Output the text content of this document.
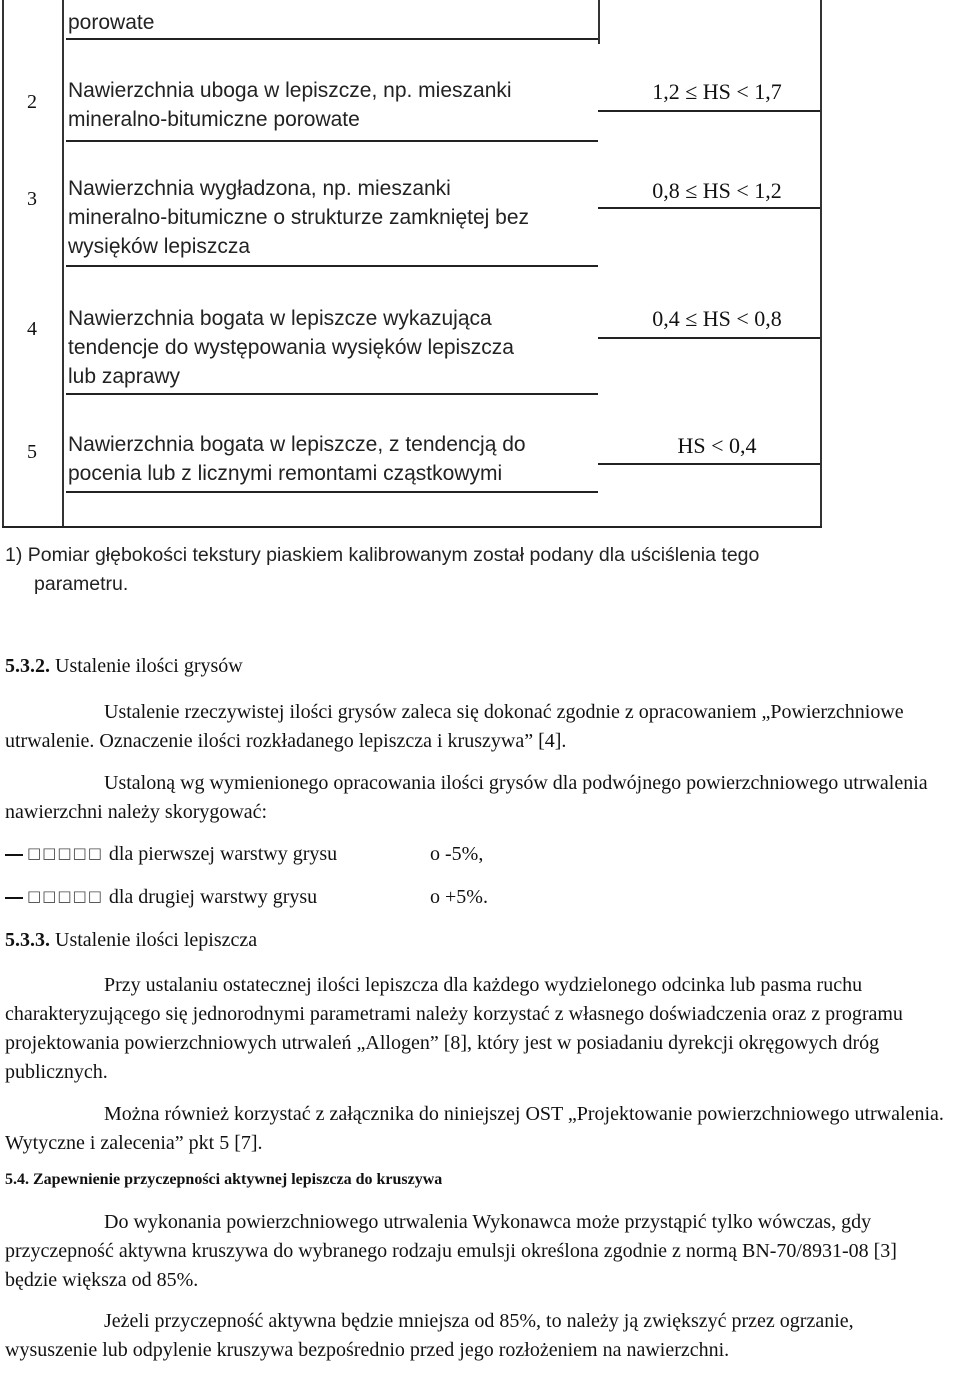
porowate
2 Nawierzchnia uboga w lepiszcze, np. mieszanki
mineralno-bitumiczne porowate
1,2 ≤ HS < 1,7
3 Nawierzchnia wygładzona, np. mieszanki
mineralno-bitumiczne o strukturze zamkniętej bez
wysięków lepiszcza
0,8 ≤ HS < 1,2
4 Nawierzchnia bogata w lepiszcze wykazująca
tendencje do występowania wysięków lepiszcza
lub zaprawy
0,4 ≤ HS < 0,8
5 Nawierzchnia bogata w lepiszcze, z tendencją do
pocenia lub z licznymi remontami cząstkowymi
HS < 0,4
1) Pomiar głębokości tekstury piaskiem kalibrowanym został podany dla uściślenia tego
parametru.
5.3.2. Ustalenie ilości grysów
Ustalenie rzeczywistej ilości grysów zaleca się dokonać zgodnie z opracowaniem „Powierzchniowe utrwalenie. Oznaczenie ilości rozkładanego lepiszcza i kruszywa” [4].
Ustaloną wg wymienionego opracowania ilości grysów dla podwójnego powierzchniowego utrwalenia nawierzchni należy skorygować:
□□□□□ dla pierwszej warstwy grysu	o -5%,
□□□□□ dla drugiej warstwy grysu	o +5%.
5.3.3. Ustalenie ilości lepiszcza
Przy ustalaniu ostatecznej ilości lepiszcza dla każdego wydzielonego odcinka lub pasma ruchu charakteryzującego się jednorodnymi parametrami należy korzystać z własnego doświadczenia oraz z programu projektowania powierzchniowych utrwaleń „Allogen” [8], który jest w posiadaniu dyrekcji okręgowych dróg publicznych.
Można również korzystać z załącznika do niniejszej OST „Projektowanie powierzchniowego utrwalenia. Wytyczne i zalecenia” pkt 5 [7].
5.4. Zapewnienie przyczepności aktywnej lepiszcza do kruszywa
Do wykonania powierzchniowego utrwalenia Wykonawca może przystąpić tylko wówczas, gdy przyczepność aktywna kruszywa do wybranego rodzaju emulsji określona zgodnie z normą BN-70/8931-08 [3] będzie większa od 85%.
Jeżeli przyczepność aktywna będzie mniejsza od 85%, to należy ją zwiększyć przez ogrzanie, wysuszenie lub odpylenie kruszywa bezpośrednio przed jego rozłożeniem na nawierzchni.
